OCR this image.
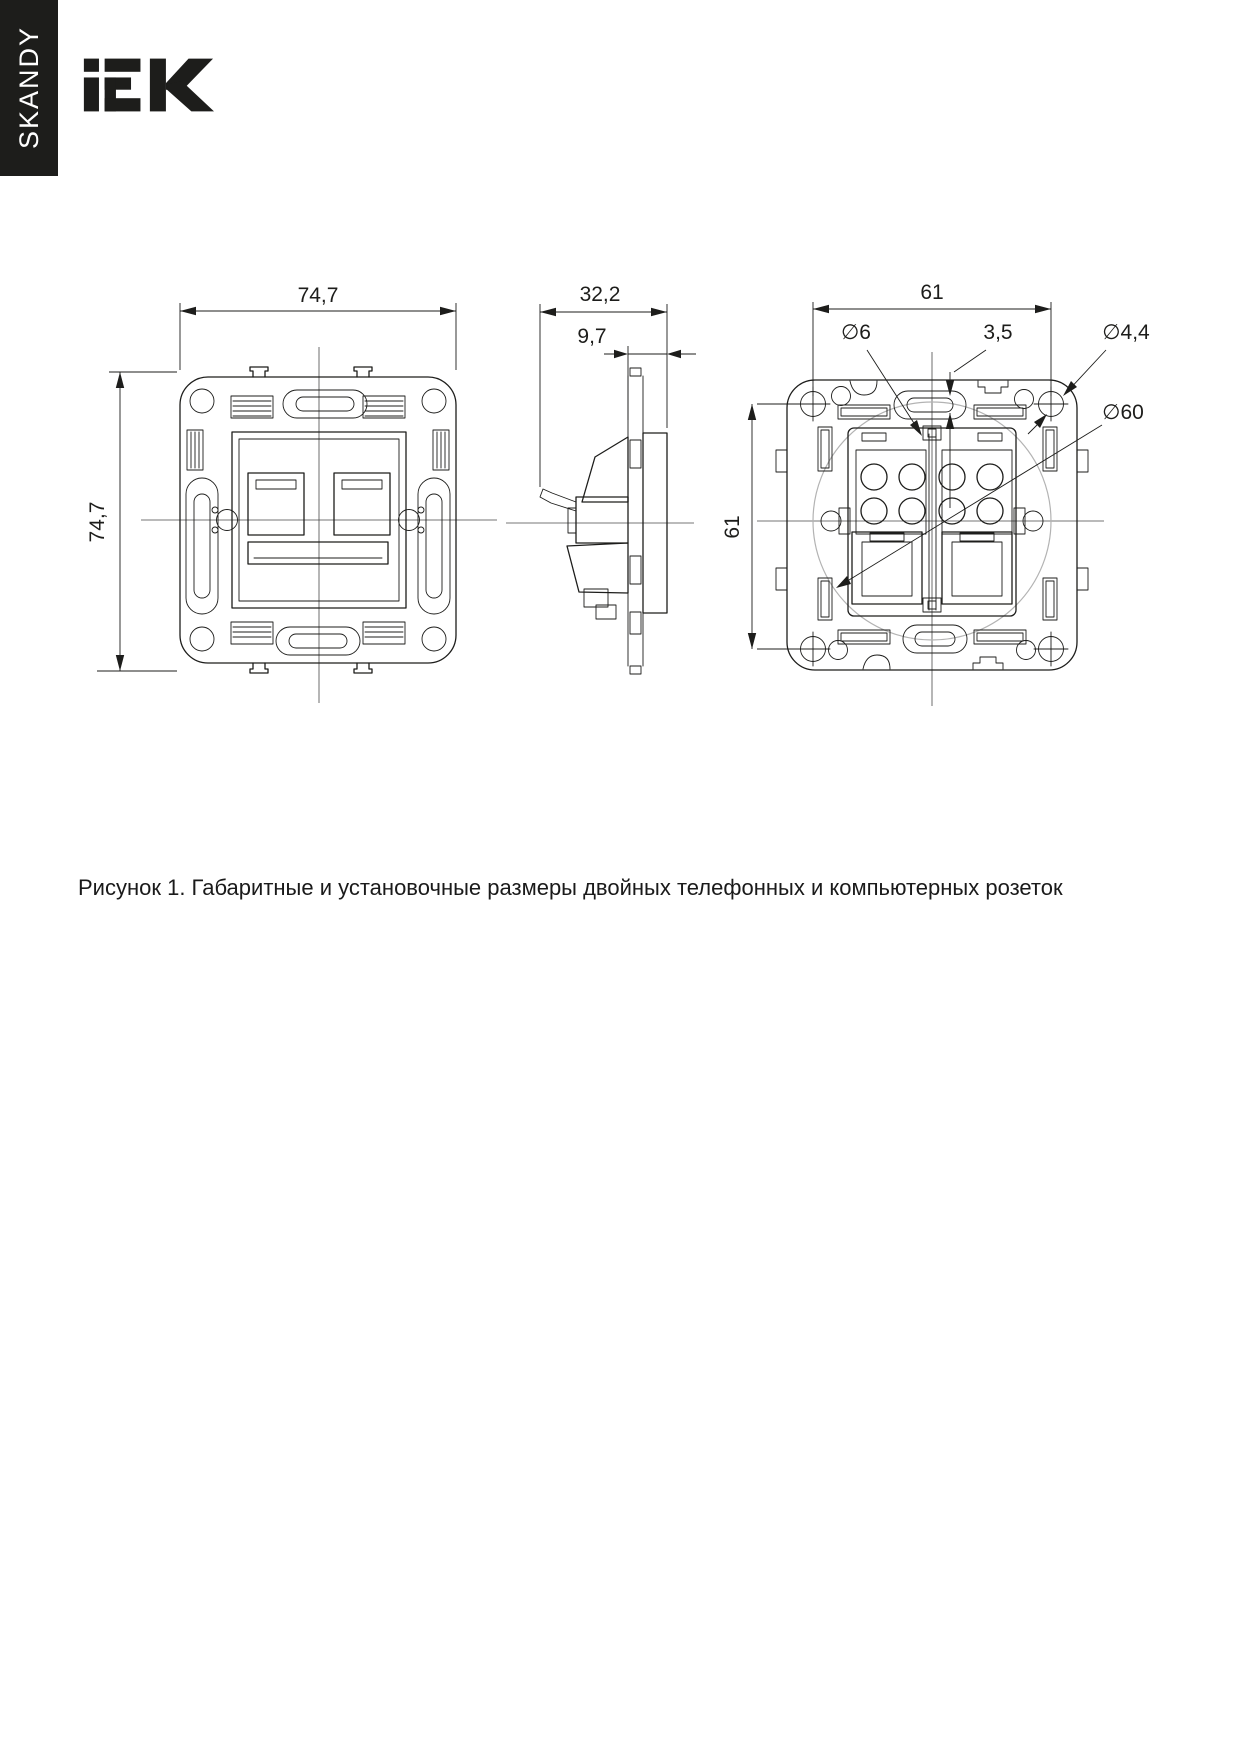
SKANDY
74,7
74,7
32,2
9,7
61
61
∅6	3,5	∅4,4
∅60

Рисунок 1. Габаритные и установочные размеры двойных телефонных и компьютерных розеток
